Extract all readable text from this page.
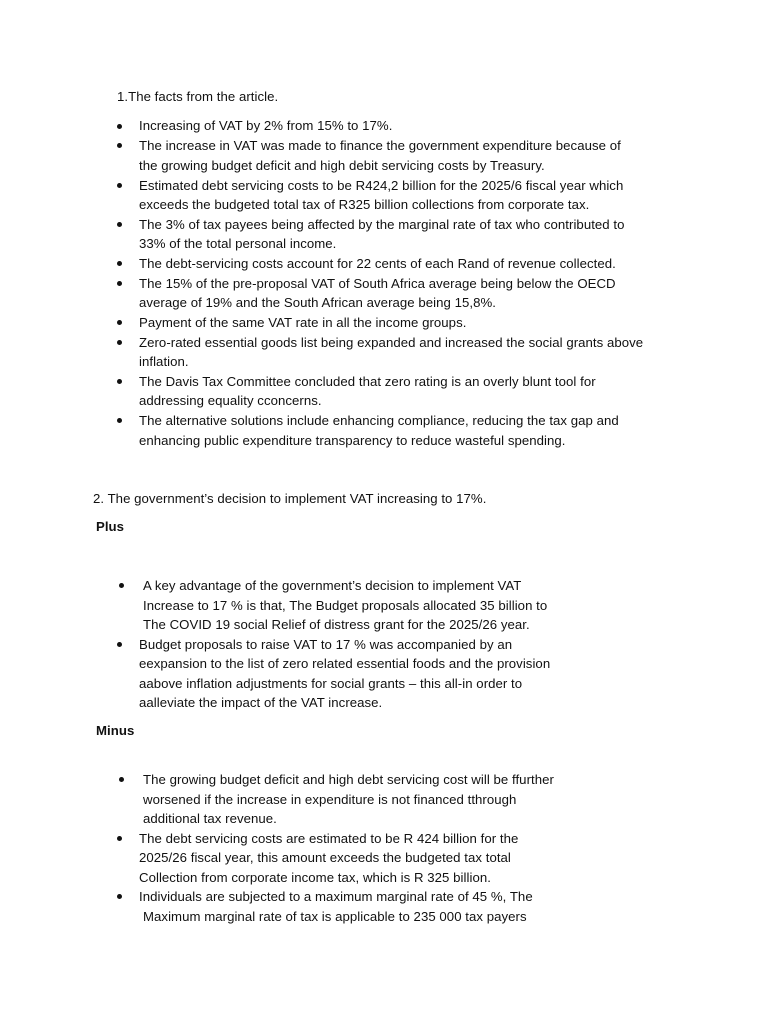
1.The facts from the article.
Increasing of VAT by 2% from 15% to 17%.
The increase in VAT was made to finance the government expenditure because of
the growing budget deficit and high debit servicing costs by Treasury.
Estimated debt servicing costs to be R424,2 billion for the 2025/6 fiscal year which
exceeds the budgeted total tax of R325 billion collections from corporate tax.
The 3% of tax payees being affected by the marginal rate of tax who contributed to
33% of the total personal income.
The debt-servicing costs account for 22 cents of each Rand of revenue collected.
The 15% of the pre-proposal VAT of South Africa average being below the OECD
average of 19% and the South African average being 15,8%.
Payment of the same VAT rate in all the income groups.
Zero-rated essential goods list being expanded and increased the social grants above
inflation.
The Davis Tax Committee concluded that zero rating is an overly blunt tool for
addressing equality cconcerns.
The alternative solutions include enhancing compliance, reducing the tax gap and
enhancing public expenditure transparency to reduce wasteful spending.
2. The government’s decision to implement VAT increasing to 17%.
Plus
A key advantage of the government’s decision to implement VAT
Increase to 17 % is that, The Budget proposals allocated 35 billion to
The COVID 19 social Relief of distress grant for the 2025/26 year.
Budget proposals to raise VAT to 17 % was accompanied by an
eexpansion to the list of zero related essential foods and the provision
aabove inflation adjustments for social grants – this all-in order to
aalleviate the impact of the VAT increase.
Minus
The growing budget deficit and high debt servicing cost will be ffurther
worsened if the increase in expenditure is not financed tthrough
additional tax revenue.
The debt servicing costs are estimated to be R 424 billion for the
2025/26 fiscal year, this amount exceeds the budgeted tax total
Collection from corporate income tax, which is R 325 billion.
Individuals are subjected to a maximum marginal rate of 45 %, The
Maximum marginal rate of tax is applicable to 235 000 tax payers
